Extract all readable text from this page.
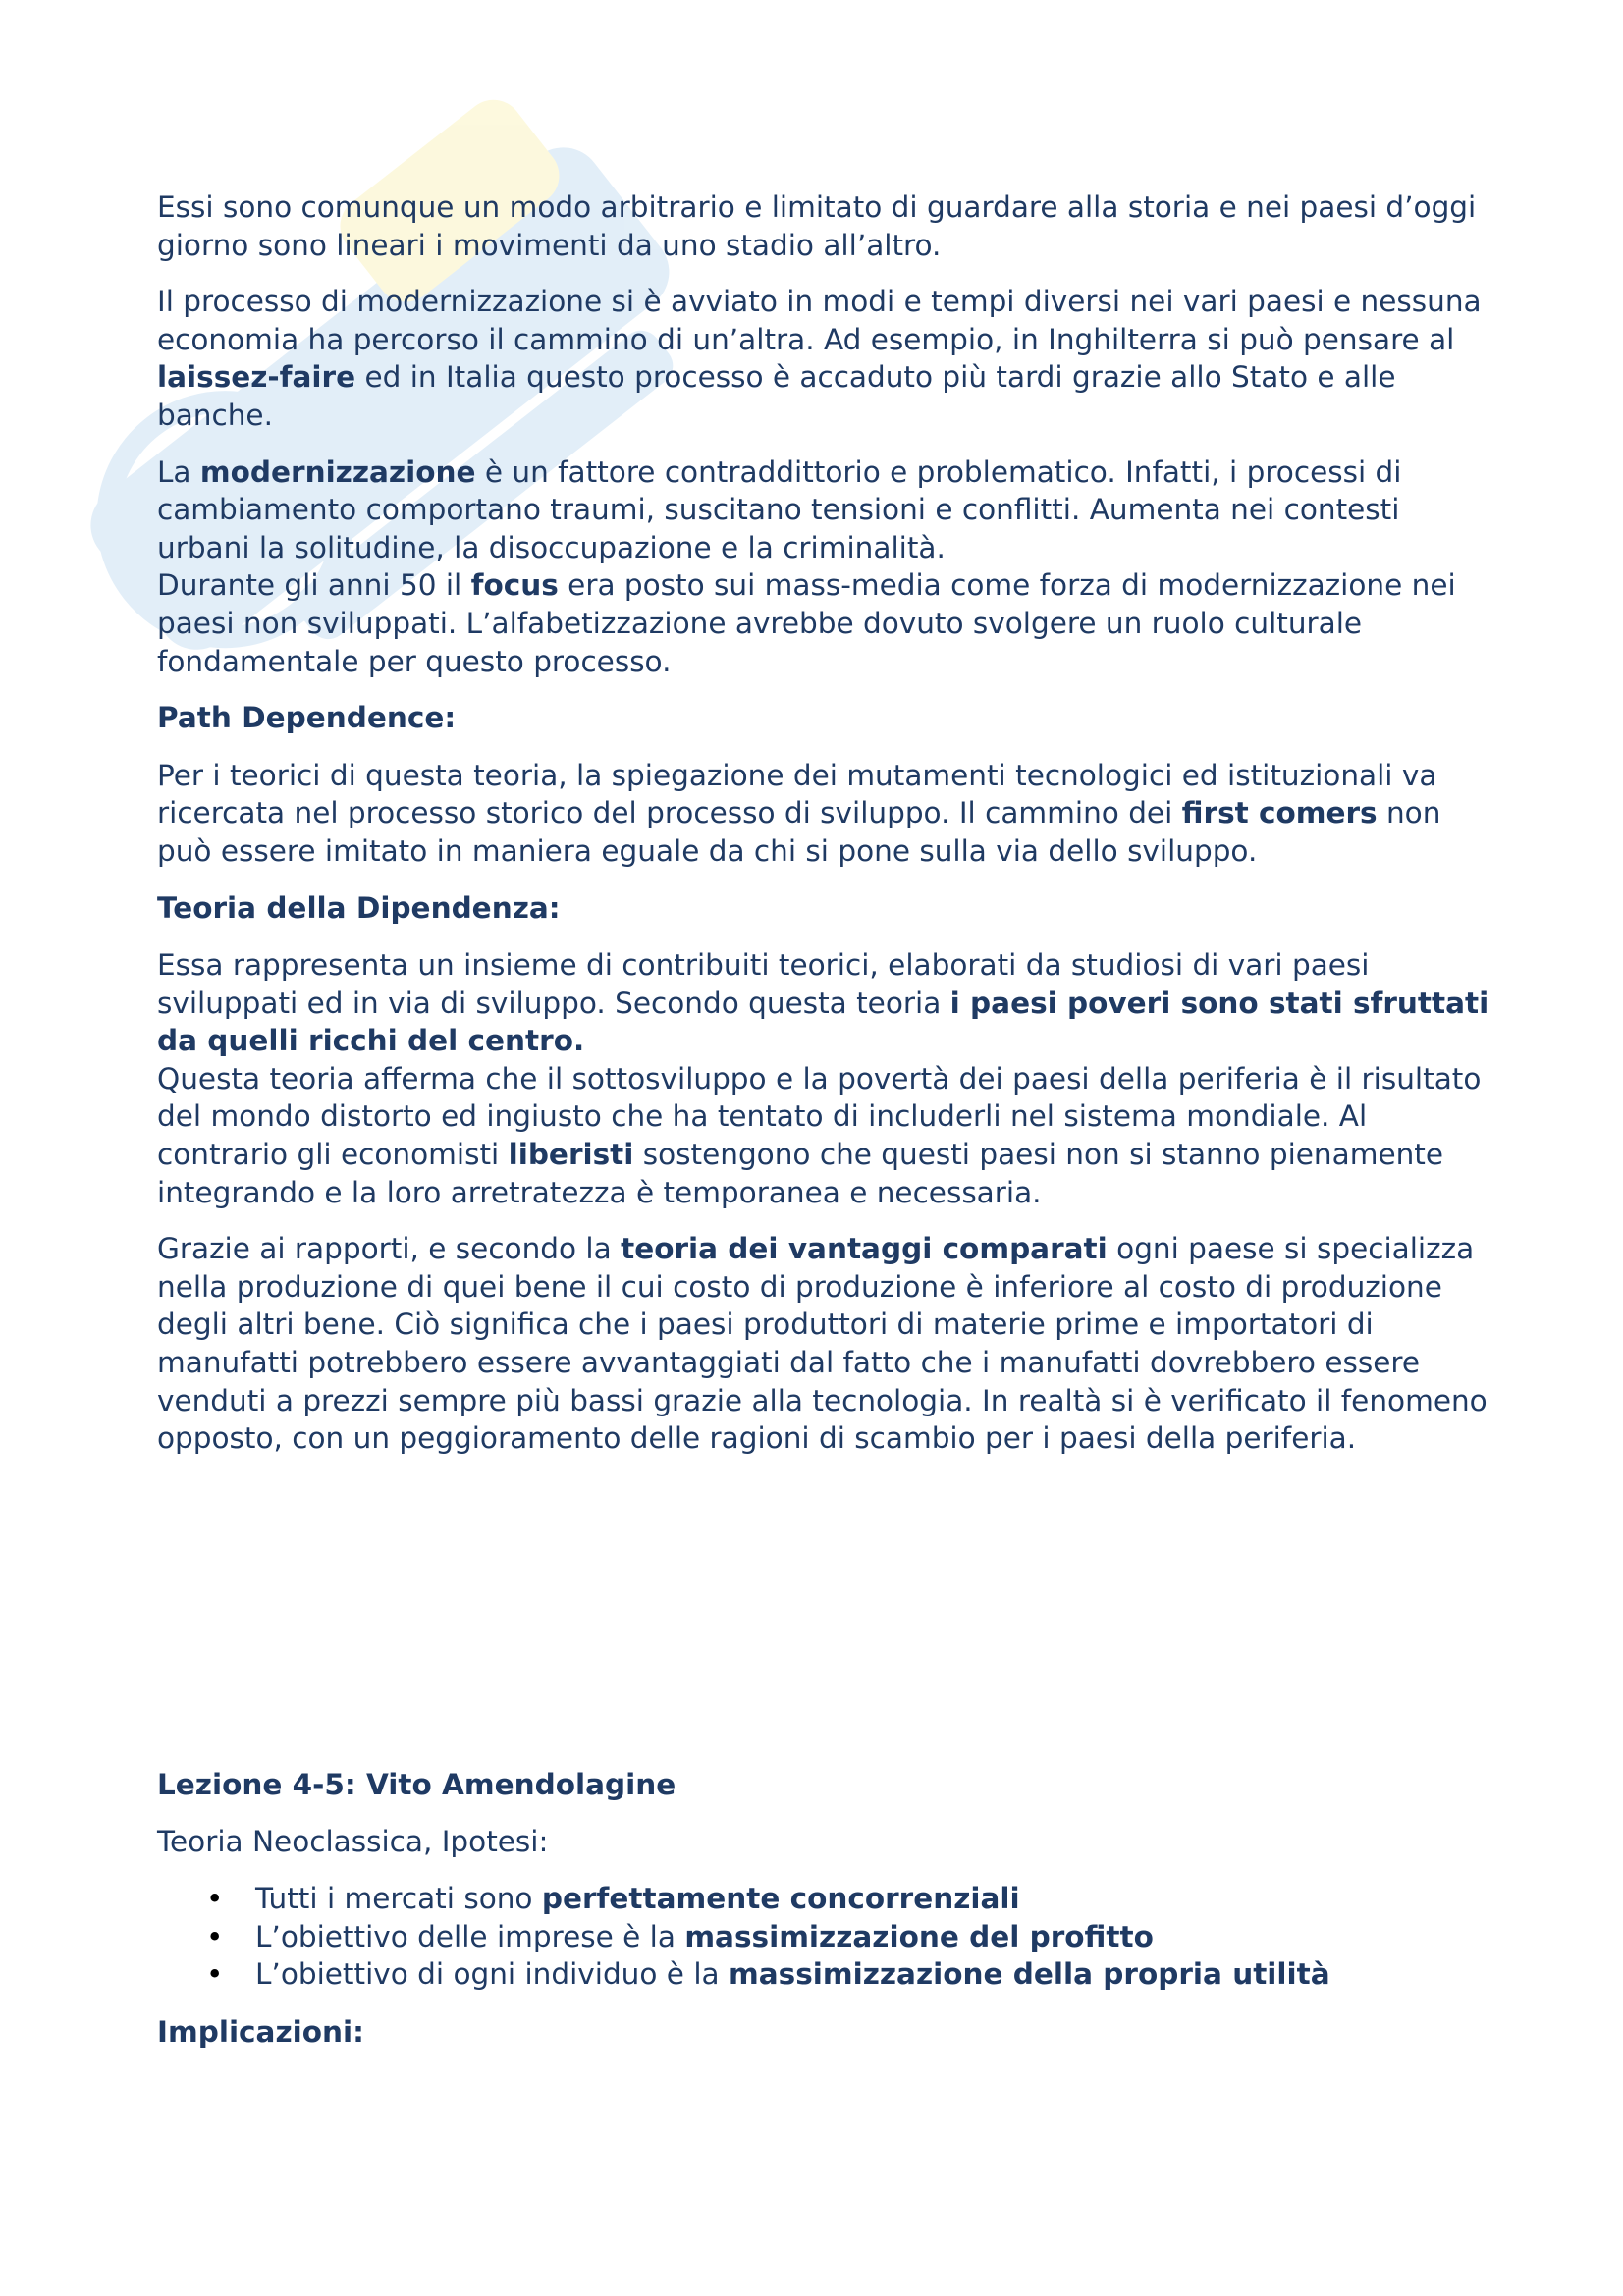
Essi sono comunque un modo arbitrario e limitato di guardare alla storia e nei paesi d’oggi giorno sono lineari i movimenti da uno stadio all’altro.

Il processo di modernizzazione si è avviato in modi e tempi diversi nei vari paesi e nessuna economia ha percorso il cammino di un’altra. Ad esempio, in Inghilterra si può pensare al laissez-faire ed in Italia questo processo è accaduto più tardi grazie allo Stato e alle banche.

La modernizzazione è un fattore contraddittorio e problematico. Infatti, i processi di cambiamento comportano traumi, suscitano tensioni e conflitti. Aumenta nei contesti urbani la solitudine, la disoccupazione e la criminalità.

Durante gli anni 50 il focus era posto sui mass-media come forza di modernizzazione nei paesi non sviluppati. L’alfabetizzazione avrebbe dovuto svolgere un ruolo culturale fondamentale per questo processo.

Path Dependence:

Per i teorici di questa teoria, la spiegazione dei mutamenti tecnologici ed istituzionali va ricercata nel processo storico del processo di sviluppo. Il cammino dei first comers non può essere imitato in maniera eguale da chi si pone sulla via dello sviluppo.

Teoria della Dipendenza:

Essa rappresenta un insieme di contribuiti teorici, elaborati da studiosi di vari paesi sviluppati ed in via di sviluppo. Secondo questa teoria i paesi poveri sono stati sfruttati da quelli ricchi del centro.

Questa teoria afferma che il sottosviluppo e la povertà dei paesi della periferia è il risultato del mondo distorto ed ingiusto che ha tentato di includerli nel sistema mondiale. Al contrario gli economisti liberisti sostengono che questi paesi non si stanno pienamente integrando e la loro arretratezza è temporanea e necessaria.

Grazie ai rapporti, e secondo la teoria dei vantaggi comparati ogni paese si specializza nella produzione di quei bene il cui costo di produzione è inferiore al costo di produzione degli altri bene. Ciò significa che i paesi produttori di materie prime e importatori di manufatti potrebbero essere avvantaggiati dal fatto che i manufatti dovrebbero essere venduti a prezzi sempre più bassi grazie alla tecnologia. In realtà si è verificato il fenomeno opposto, con un peggioramento delle ragioni di scambio per i paesi della periferia.

Lezione 4-5: Vito Amendolagine

Teoria Neoclassica, Ipotesi:

• Tutti i mercati sono perfettamente concorrenziali
• L’obiettivo delle imprese è la massimizzazione del profitto
• L’obiettivo di ogni individuo è la massimizzazione della propria utilità
Implicazioni:
